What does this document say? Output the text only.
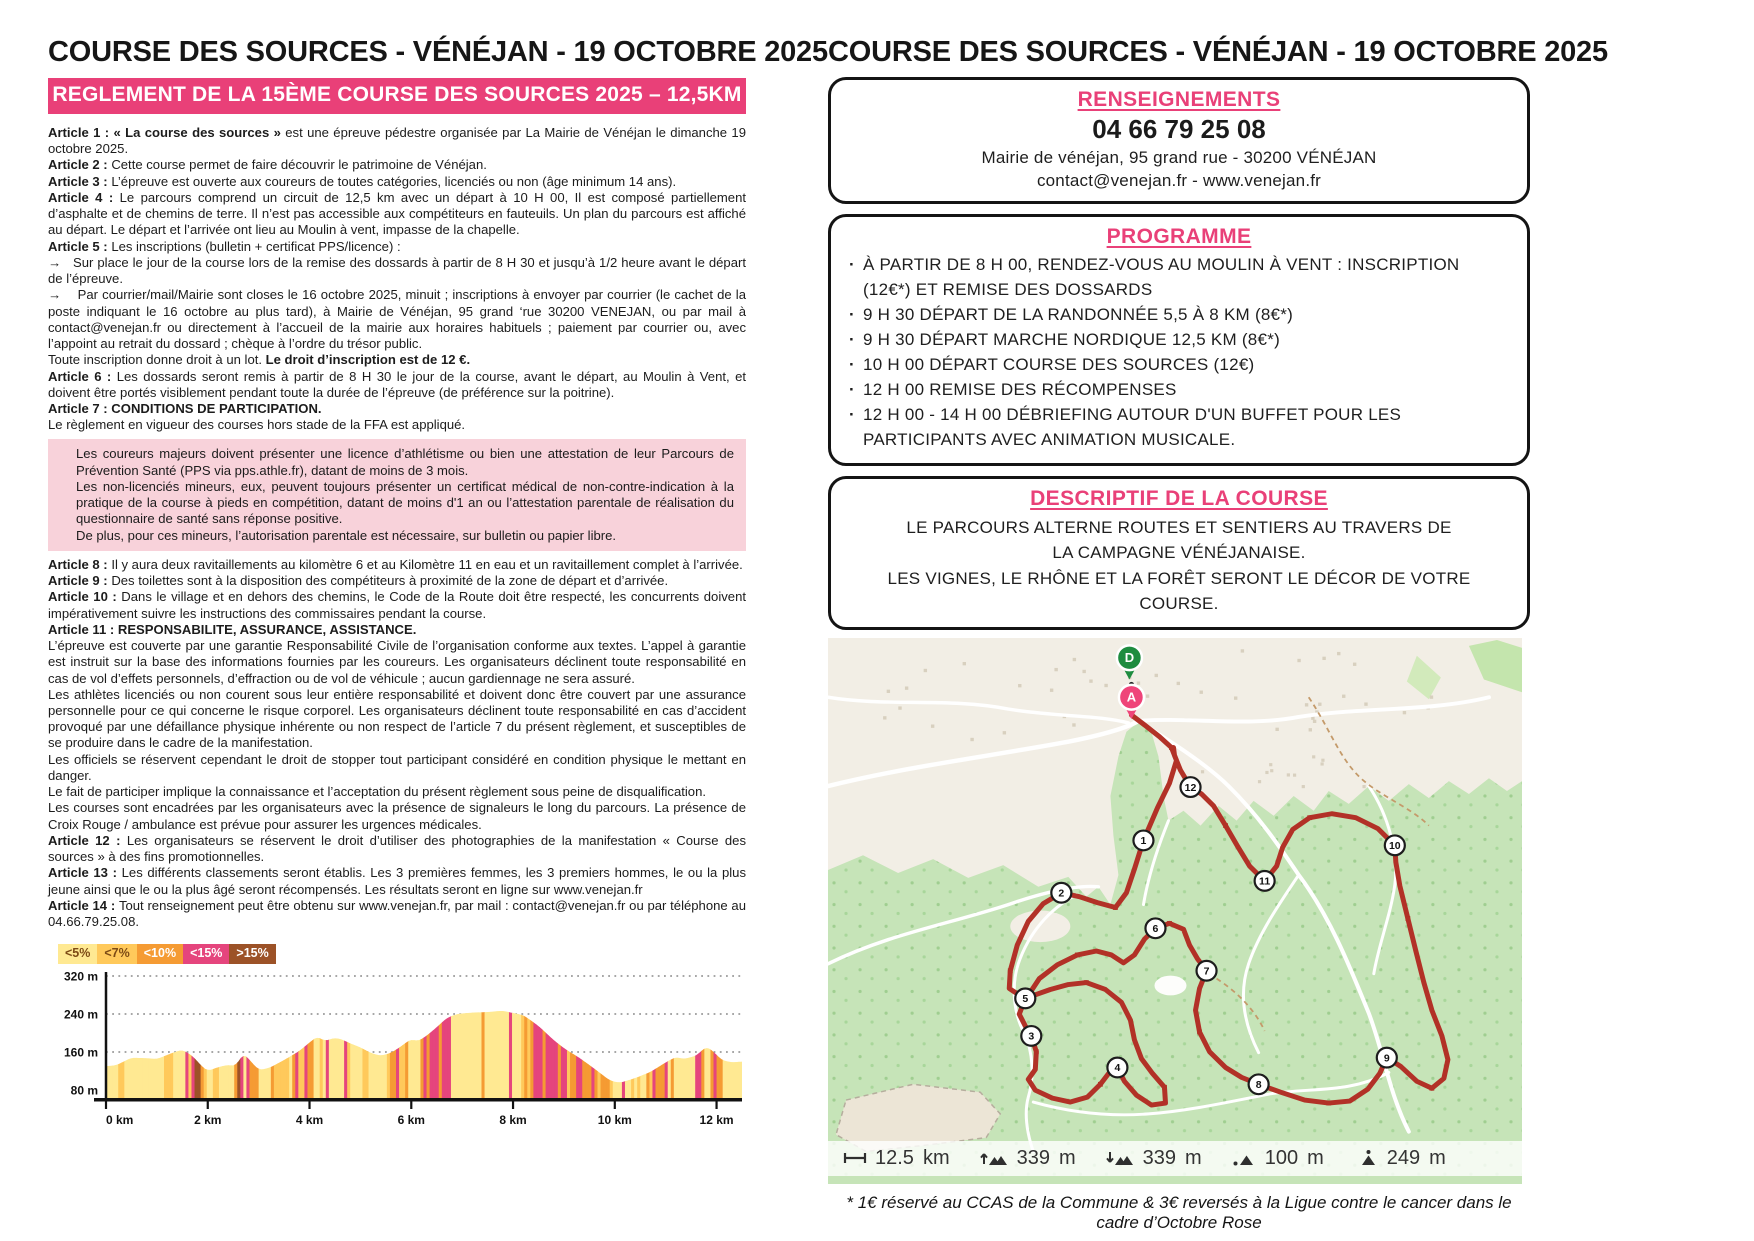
COURSE DES SOURCES - VÉNÉJAN - 19 OCTOBRE 2025
REGLEMENT DE LA 15ÈME COURSE DES SOURCES 2025 – 12,5KM

Article 1 : « La course des sources » est une épreuve pédestre organisée par La Mairie de Vénéjan le dimanche 19 octobre 2025.

Article 2 : Cette course permet de faire découvrir le patrimoine de Vénéjan.

Article 3 : L’épreuve est ouverte aux coureurs de toutes catégories, licenciés ou non (âge minimum 14 ans).

Article 4 : Le parcours comprend un circuit de 12,5 km avec un départ à 10 H 00, Il est composé partiellement d’asphalte et de chemins de terre. Il n’est pas accessible aux compétiteurs en fauteuils. Un plan du parcours est affiché au départ. Le départ et l’arrivée ont lieu au Moulin à vent, impasse de la chapelle.

Article 5 : Les inscriptions (bulletin + certificat PPS/licence) :

→   Sur place le jour de la course lors de la remise des dossards à partir de 8 H 30 et jusqu’à 1/2 heure avant le départ de l’épreuve.

→    Par courrier/mail/Mairie sont closes le 16 octobre 2025, minuit ; inscriptions à envoyer par courrier (le cachet de la poste indiquant le 16 octobre au plus tard), à Mairie de Vénéjan, 95 grand ‘rue 30200 VENEJAN, ou par mail à contact@venejan.fr ou directement à l’accueil de la mairie aux horaires habituels ; paiement par courrier ou, avec l’appoint au retrait du dossard ; chèque à l’ordre du trésor public.

Toute inscription donne droit à un lot. Le droit d’inscription est de 12 €.

Article 6 : Les dossards seront remis à partir de 8 H 30 le jour de la course, avant le départ, au Moulin à Vent, et doivent être portés visiblement pendant toute la durée de l’épreuve (de préférence sur la poitrine).

Article 7 : CONDITIONS DE PARTICIPATION.

Le règlement en vigueur des courses hors stade de la FFA est appliqué.

Les coureurs majeurs doivent présenter une licence d’athlétisme ou bien une attestation de leur Parcours de Prévention Santé (PPS via pps.athle.fr), datant de moins de 3 mois.

Les non-licenciés mineurs, eux, peuvent toujours présenter un certificat médical de non-contre-indication à la pratique de la course à pieds en compétition, datant de moins d'1 an ou l’attestation parentale de réalisation du questionnaire de santé sans réponse positive.

De plus, pour ces mineurs, l’autorisation parentale est nécessaire, sur bulletin ou papier libre.

Article 8 : Il y aura deux ravitaillements au kilomètre 6 et au Kilomètre 11 en eau et un ravitaillement complet à l’arrivée.

Article 9 : Des toilettes sont à la disposition des compétiteurs à proximité de la zone de départ et d’arrivée.

Article 10 : Dans le village et en dehors des chemins, le Code de la Route doit être respecté, les concurrents doivent impérativement suivre les instructions des commissaires pendant la course.

Article 11 : RESPONSABILITE, ASSURANCE, ASSISTANCE.

L’épreuve est couverte par une garantie Responsabilité Civile de l’organisation conforme aux textes. L’appel à garantie est instruit sur la base des informations fournies par les coureurs. Les organisateurs déclinent toute responsabilité en cas de vol d’effets personnels, d’effraction ou de vol de véhicule ; aucun gardiennage ne sera assuré.

Les athlètes licenciés ou non courent sous leur entière responsabilité et doivent donc être couvert par une assurance personnelle pour ce qui concerne le risque corporel. Les organisateurs déclinent toute responsabilité en cas d’accident provoqué par une défaillance physique inhérente ou non respect de l’article 7 du présent règlement, et susceptibles de se produire dans le cadre de la manifestation.

Les officiels se réservent cependant le droit de stopper tout participant considéré en condition physique le mettant en danger.

Le fait de participer implique la connaissance et l’acceptation du présent règlement sous peine de disqualification.

Les courses sont encadrées par les organisateurs avec la présence de signaleurs le long du parcours. La présence de Croix Rouge / ambulance est prévue pour assurer les urgences médicales.

Article 12 : Les organisateurs se réservent le droit d’utiliser des photographies de la manifestation « Course des sources » à des fins promotionnelles.

Article 13 : Les différents classements seront établis. Les 3 premières femmes, les 3 premiers hommes, le ou la plus jeune ainsi que le ou la plus âgé seront récompensés. Les résultats seront en ligne sur www.venejan.fr

Article 14 : Tout renseignement peut être obtenu sur www.venejan.fr, par mail : contact@venejan.fr ou par téléphone au 04.66.79.25.08.

<5%	<7%	<10%	<15%	>15%
320 m
240 m
160 m
80 m
0 km	2 km	4 km	6 km	8 km	10 km	12 km
COURSE DES SOURCES - VÉNÉJAN - 19 OCTOBRE 2025
RENSEIGNEMENTS
04 66 79 25 08
Mairie de vénéjan, 95 grand rue - 30200 VÉNÉJAN
contact@venejan.fr - www.venejan.fr
PROGRAMME
· À PARTIR DE 8 H 00, RENDEZ-VOUS AU MOULIN À VENT : INSCRIPTION (12€*) ET REMISE DES DOSSARDS
· 9 H 30 DÉPART DE LA RANDONNÉE 5,5 À 8 KM (8€*)
· 9 H 30 DÉPART MARCHE NORDIQUE 12,5 KM (8€*)
· 10 H 00 DÉPART COURSE DES SOURCES (12€)
· 12 H 00 REMISE DES RÉCOMPENSES
· 12 H 00 - 14 H 00 DÉBRIEFING AUTOUR D'UN BUFFET POUR LES PARTICIPANTS AVEC ANIMATION MUSICALE.
DESCRIPTIF DE LA COURSE
LE PARCOURS ALTERNE ROUTES ET SENTIERS AU TRAVERS DE
LA CAMPAGNE VÉNÉJANAISE.
LES VIGNES, LE RHÔNE ET LA FORÊT SERONT LE DÉCOR DE VOTRE COURSE.
1
2
3
4
5
6
7
8
9
10
11
12
A
D
12.5 km	339 m	339 m	100 m	249 m
* 1€ réservé au CCAS de la Commune & 3€ reversés à la Ligue contre le cancer dans le cadre d’Octobre Rose
